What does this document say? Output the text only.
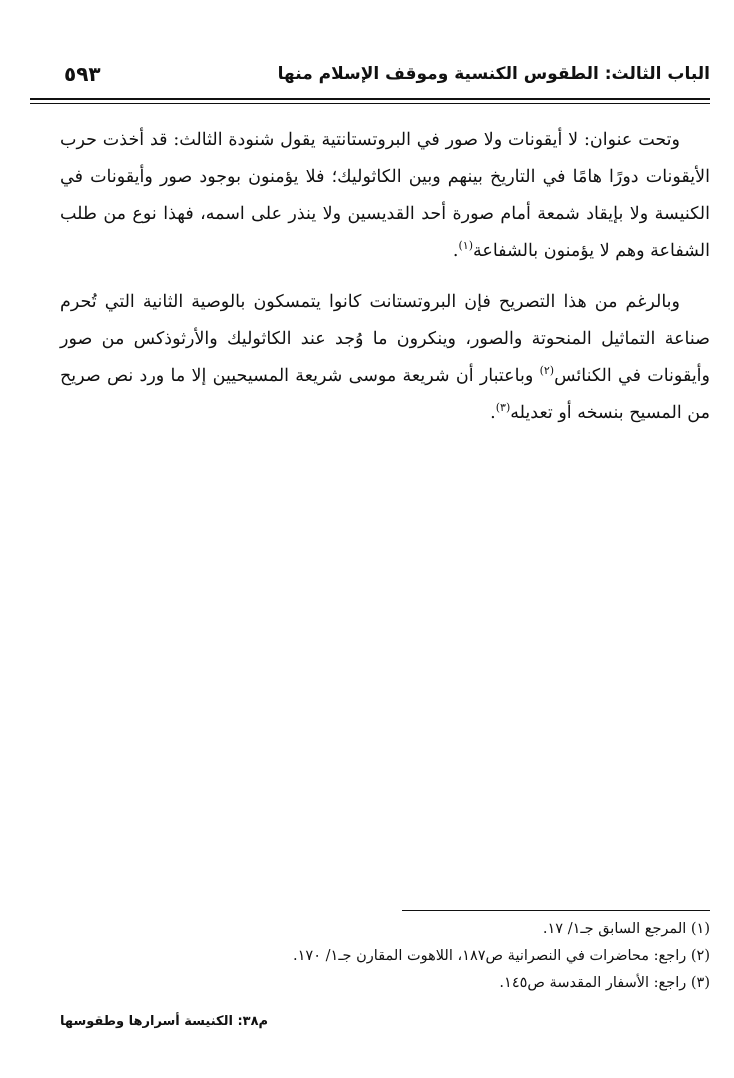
الباب الثالث: الطقوس الكنسية وموقف الإسلام منها
٥٩٣

وتحت عنوان: لا أيقونات ولا صور في البروتستانتية يقول شنودة الثالث: قد أخذت حرب الأيقونات دورًا هامًا في التاريخ بينهم وبين الكاثوليك؛ فلا يؤمنون بوجود صور وأيقونات في الكنيسة ولا بإيقاد شمعة أمام صورة أحد القديسين ولا ينذر على اسمه، فهذا نوع من طلب الشفاعة وهم لا يؤمنون بالشفاعة$^{(١)}$.

وبالرغم من هذا التصريح فإن البروتستانت كانوا يتمسكون بالوصية الثانية التي تُحرم صناعة التماثيل المنحوتة والصور، وينكرون ما وُجد عند الكاثوليك والأرثوذكس من صور وأيقونات في الكنائس$^{(٢)}$ وباعتبار أن شريعة موسى شريعة المسيحيين إلا ما ورد نص صريح من المسيح بنسخه أو تعديله$^{(٣)}$.

(١) المرجع السابق جـ١/ ١٧.
(٢) راجع: محاضرات في النصرانية ص١٨٧، اللاهوت المقارن جـ١/ ١٧٠.
(٣) راجع: الأسفار المقدسة ص١٤٥.
م٣٨: الكنيسة أسرارها وطقوسها
